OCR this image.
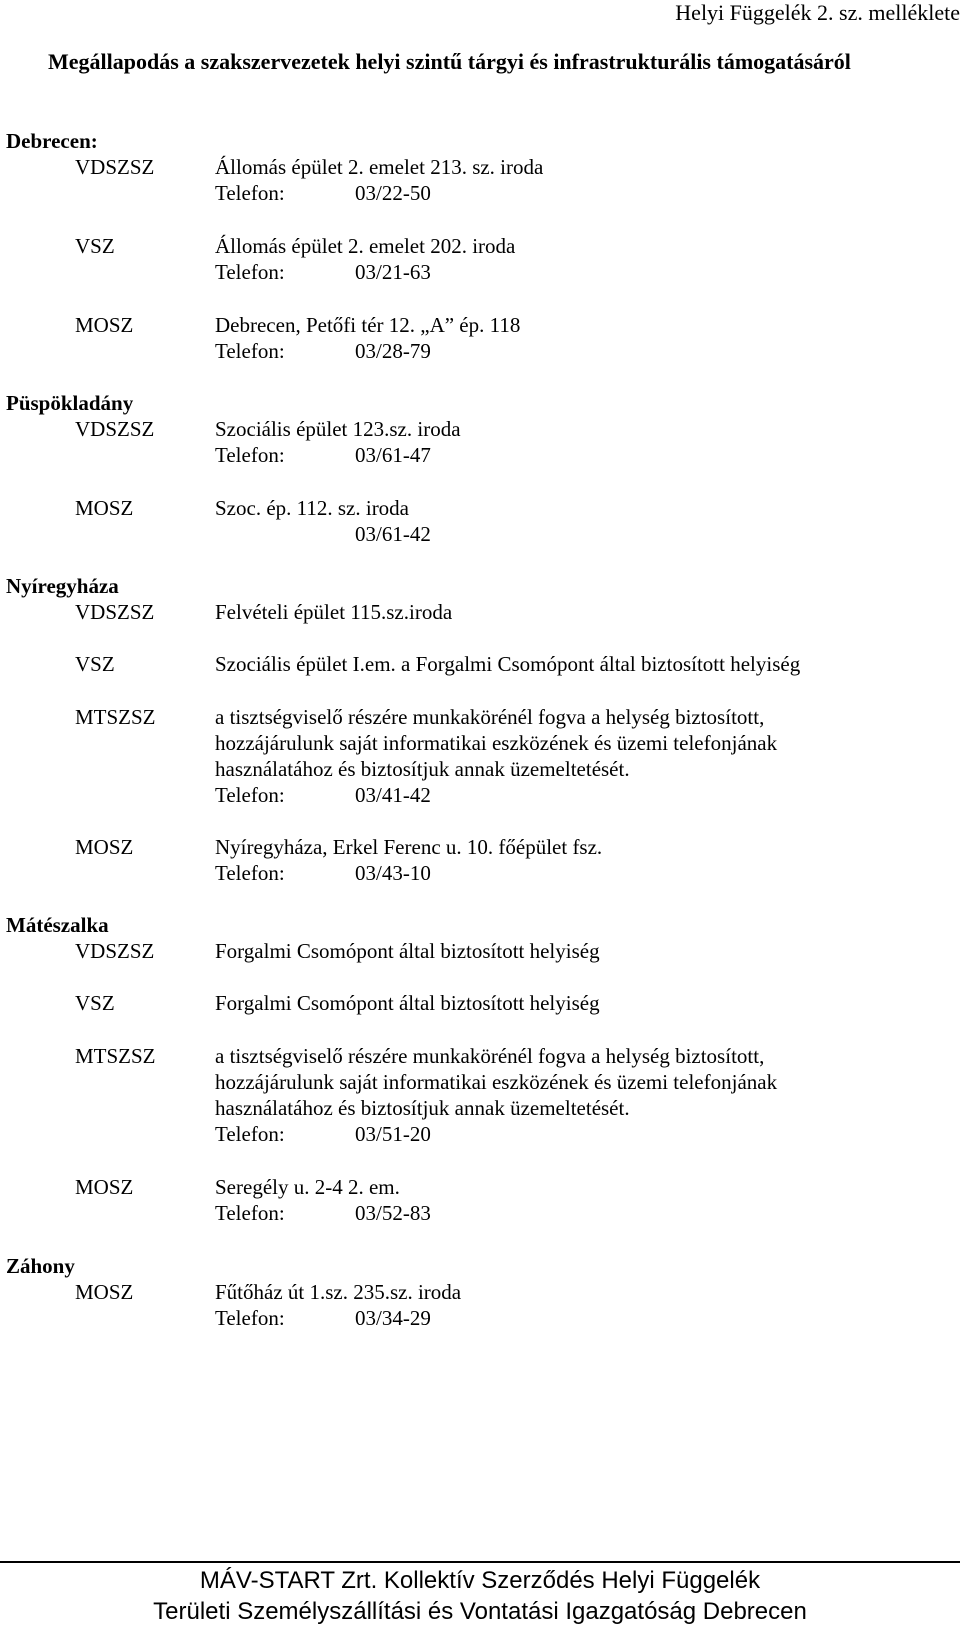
Helyi Függelék 2. sz. melléklete
Megállapodás a szakszervezetek helyi szintű tárgyi és infrastrukturális támogatásáról
Debrecen:
VDSZSZ	Állomás épület 2. emelet 213. sz. iroda
Telefon:	03/22-50
VSZ	Állomás épület 2. emelet 202. iroda
Telefon:	03/21-63
MOSZ	Debrecen, Petőfi tér 12. „A” ép. 118
Telefon:	03/28-79
Püspökladány
VDSZSZ	Szociális épület 123.sz. iroda
Telefon:	03/61-47
MOSZ	Szoc. ép. 112. sz. iroda
03/61-42
Nyíregyháza
VDSZSZ	Felvételi épület 115.sz.iroda
VSZ	Szociális épület I.em. a Forgalmi Csomópont által biztosított helyiség
MTSZSZ	a tisztségviselő részére munkakörénél fogva a helység biztosított,
hozzájárulunk saját informatikai eszközének és üzemi telefonjának
használatához és biztosítjuk annak üzemeltetését.
Telefon:	03/41-42
MOSZ	Nyíregyháza, Erkel Ferenc u. 10. főépület fsz.
Telefon:	03/43-10
Mátészalka
VDSZSZ	Forgalmi Csomópont által biztosított helyiség
VSZ	Forgalmi Csomópont által biztosított helyiség
MTSZSZ	a tisztségviselő részére munkakörénél fogva a helység biztosított,
hozzájárulunk saját informatikai eszközének és üzemi telefonjának
használatához és biztosítjuk annak üzemeltetését.
Telefon:	03/51-20
MOSZ	Seregély u. 2-4 2. em.
Telefon:	03/52-83
Záhony
MOSZ	Fűtőház út 1.sz. 235.sz. iroda
Telefon:	03/34-29
MÁV-START Zrt. Kollektív Szerződés Helyi Függelék
Területi Személyszállítási és Vontatási Igazgatóság Debrecen
